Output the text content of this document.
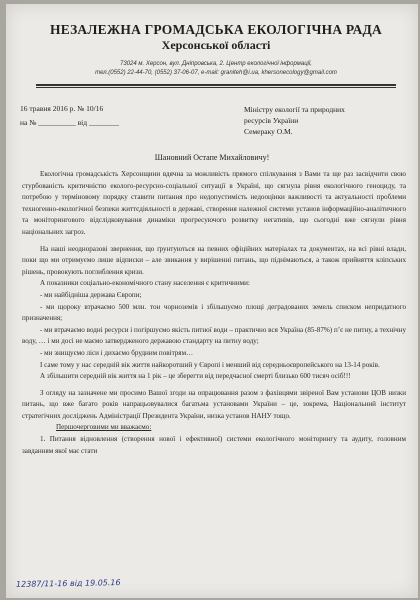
НЕЗАЛЕЖНА ГРОМАДСЬКА ЕКОЛОГІЧНА РАДА
Херсонської області
73024 м. Херсон, вул. Дніпровська, 2. Центр екологічної інформації,
тел.(0552) 22-44-70, (0552) 37-06-07, e-mail: graniteh@i.ua, khersonecology@gmail.com
16 травня 2016 р. № 10/16
на № __________ від ________
Міністру екології та природних
ресурсів України
Семераку О.М.
Шановний Остапе Михайловичу!

Екологічна громадськість Херсонщини вдячна за можливість прямого спілкування з Вами та ще раз засвідчити свою стурбованість критичністю еколого-ресурсно-соціальної ситуації в Україні, що сягнула рівня екологічного геноциду, та потребою у терміновому порядку ставити питання про недопустимість недооцінки важливості та актуальності проблеми техногенно-екологічної безпеки життєдіяльності в державі, створення належної системи установ інформаційно-аналітичного та моніторингового відслідковування динаміки прогресуючого розвитку негативів, що сьогодні вже сягнули рівня національних загроз.

На наші неодноразові звернення, що ґрунтуються на певних офіційних матеріалах та документах, на всі рівні влади, поки що ми отримуємо лише відписки – але звикання у вирішенні питань, що піднімаються, а також прийняття кліпських рішень, провокують поглиблення кризи.

А показники соціально-економічного стану населення є критичними:

- ми найбідніша держава Європи;

- ми щороку втрачаємо 500 млн. тон чорноземів і збільшуємо площі деградованих земель списком непридатного призначення;

- ми втрачаємо водні ресурси і погіршуємо якість питної води – практично вся Україна (85-87%) п’є не питну, а технічну воду, … і ми досі не маємо затвердженого державою стандарту на питну воду;

- ми знищуємо ліси і дихаємо брудним повітрям…

І саме тому у нас середній вік життя найкоротший у Європі і менший від середньоєвропейського на 13-14 років.

А збільшити середній вік життя на 1 рік – це зберегти від передчасної смерті близько 600 тисяч осіб!!!

З огляду на зазначене ми просимо Вашої згоди на опрацювання разом з фахівцями звіреної Вам установи ЦОВ низки питань, що вже багато років напрацьовувалися багатьма установами України – це, зокрема, Національний інститут стратегічних досліджень Адміністрації Президента України, низка установ НАНУ тощо.

Першочерговими ми вважаємо:

1. Питання відновлення (створення нової і ефективної) системи екологічного моніторингу та аудиту, головним завданням якої має стати

12387/11-16 від 19.05.16
